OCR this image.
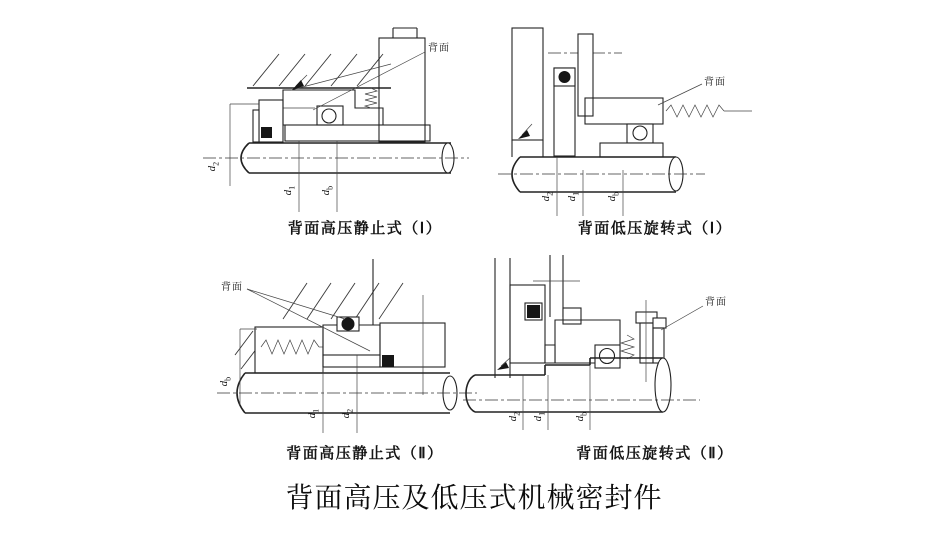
背面
$d_2$
$d_1$
$d_b$
背面高压静止式（Ⅰ）
背面
$d_2$
$d_1$
$d_b$
背面低压旋转式（Ⅰ）
背面
$d_b$
$d_1$
$d_2$
背面高压静止式（Ⅱ）
背面
$d_2$
$d_1$
$d_b$
背面低压旋转式（Ⅱ）
背面高压及低压式机械密封件
